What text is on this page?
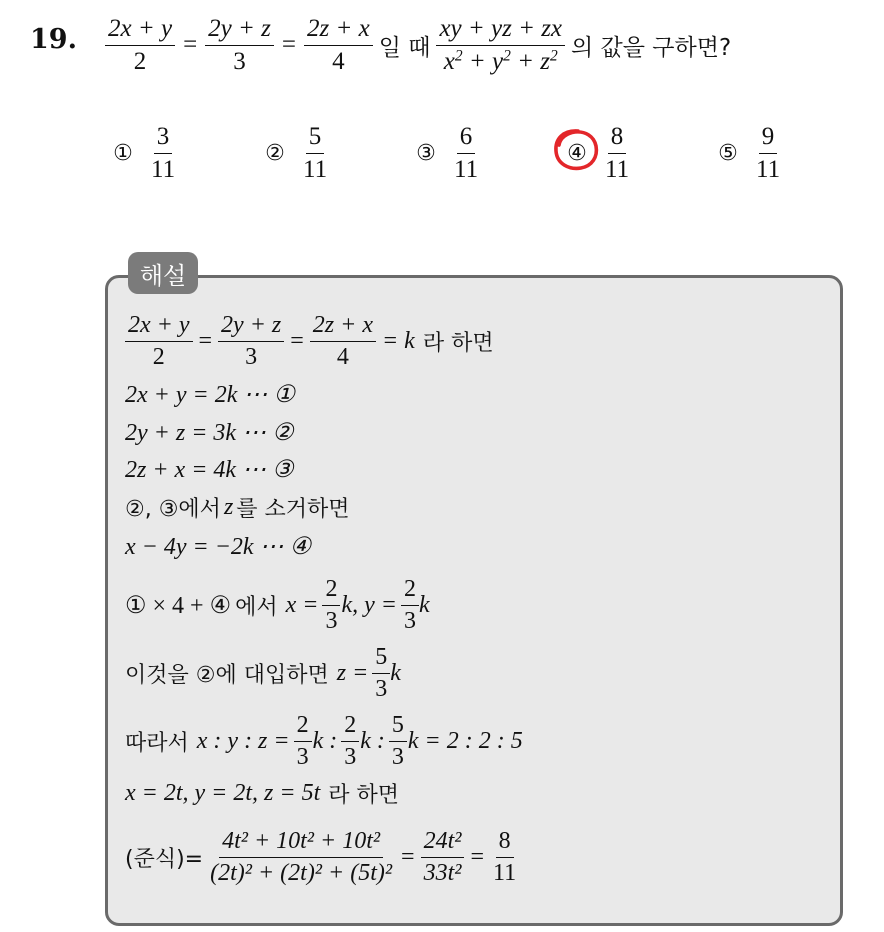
19. $\frac{2x + y}{2} = \frac{2y + z}{3} = \frac{2z + x}{4}$ 일 때 $\frac{xy + yz + zx}{x^2 + y^2 + z^2}$ 의 값을 구하면?
① $\frac{3}{11}$	② $\frac{5}{11}$	③ $\frac{6}{11}$	④ $\frac{8}{11}$	⑤ $\frac{9}{11}$
해설
$\frac{2x + y}{2} = \frac{2y + z}{3} = \frac{2z + x}{4} = k$ 라 하면
2x + y = 2k ⋯ ①
2y + z = 3k ⋯ ②
2z + x = 4k ⋯ ③
②, ③에서 z 를 소거하면
x − 4y = −2k ⋯ ④
① × 4 + ④ 에서 $x = \frac{2}{3} k$, $y = \frac{2}{3}$ k
이것을 ②에 대입하면 $z = \frac{5}{3}$ k
따라서 x : y : $z = \frac{2}{3}$ k : $\frac{2}{3}$ k : $\frac{5}{3}$ k = 2 : 2 : 5
x = 2t, y = 2t, z = 5t 라 하면
(준식)= $\frac{\text{4t² + 10t² + 10t²}}{\text{(2t)² + (2t)² + (5t)²}} = \frac{\text{24t²}}{\text{33t²}} = \frac{8}{11}$
